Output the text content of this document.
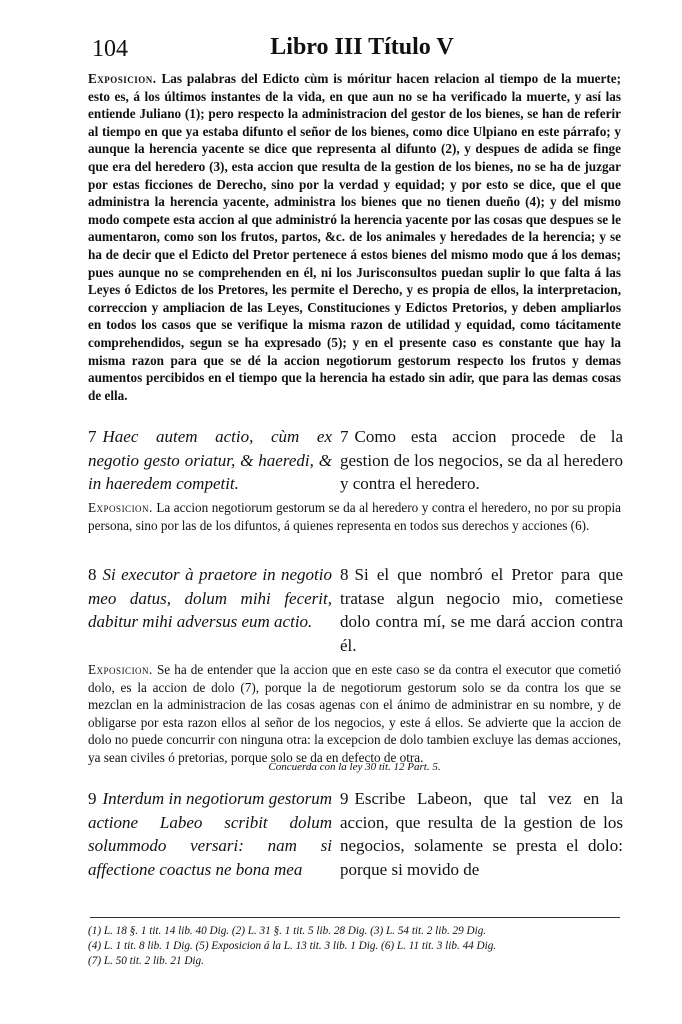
104	Libro III Título V

Exposicion. Las palabras del Edicto cùm is móritur hacen relacion al tiempo de la muerte; esto es, á los últimos instantes de la vida, en que aun no se ha verificado la muerte, y así las entiende Juliano (1); pero respecto la administracion del gestor de los bienes, se han de referir al tiempo en que ya estaba difunto el señor de los bienes, como dice Ulpiano en este párrafo; y aunque la herencia yacente se dice que representa al difunto (2), y despues de adida se finge que era del heredero (3), esta accion que resulta de la gestion de los bienes, no se ha de juzgar por estas ficciones de Derecho, sino por la verdad y equidad; y por esto se dice, que el que administra la herencia yacente, administra los bienes que no tienen dueño (4); y del mismo modo compete esta accion al que administró la herencia yacente por las cosas que despues se le aumentaron, como son los frutos, partos, &c. de los animales y heredades de la herencia; y se ha de decir que el Edicto del Pretor pertenece á estos bienes del mismo modo que á los demas; pues aunque no se comprehenden en él, ni los Jurisconsultos puedan suplir lo que falta á las Leyes ó Edictos de los Pretores, les permite el Derecho, y es propia de ellos, la interpretacion, correccion y ampliacion de las Leyes, Constituciones y Edictos Pretorios, y deben ampliarlos en todos los casos que se verifique la misma razon de utilidad y equidad, como tácitamente comprehendidos, segun se ha expresado (5); y en el presente caso es constante que hay la misma razon para que se dé la accion negotiorum gestorum respecto los frutos y demas aumentos percibidos en el tiempo que la herencia ha estado sin adir, que para las demas cosas de ella.

7 Haec autem actio, cùm ex negotio gesto oriatur, & haeredi, & in haeredem competit.
7 Como esta accion procede de la gestion de los negocios, se da al heredero y contra el heredero.

Exposicion. La accion negotiorum gestorum se da al heredero y contra el heredero, no por su propia persona, sino por las de los difuntos, á quienes representa en todos sus derechos y acciones (6).

8 Si executor à praetore in negotio meo datus, dolum mihi fecerit, dabitur mihi adversus eum actio.
8 Si el que nombró el Pretor para que tratase algun negocio mio, cometiese dolo contra mí, se me dará accion contra él.

Exposicion. Se ha de entender que la accion que en este caso se da contra el executor que cometió dolo, es la accion de dolo (7), porque la de negotiorum gestorum solo se da contra los que se mezclan en la administracion de las cosas agenas con el ánimo de administrar en su nombre, y de obligarse por esta razon ellos al señor de los negocios, y este á ellos. Se advierte que la accion de dolo no puede concurrir con ninguna otra: la excepcion de dolo tambien excluye las demas acciones, ya sean civiles ó pretorias, porque solo se da en defecto de otra.

Concuerda con la ley 30 tit. 12 Part. 5.
9 Interdum in negotiorum gestorum actione Labeo scribit dolum solummodo versari: nam si affectione coactus ne bona mea
9 Escribe Labeon, que tal vez en la accion, que resulta de la gestion de los negocios, solamente se presta el dolo: porque si movido de

(1) L. 18 §. 1 tit. 14 lib. 40 Dig. (2) L. 31 §. 1 tit. 5 lib. 28 Dig. (3) L. 54 tit. 2 lib. 29 Dig.

(4) L. 1 tit. 8 lib. 1 Dig. (5) Exposicion á la L. 13 tit. 3 lib. 1 Dig. (6) L. 11 tit. 3 lib. 44 Dig.

(7) L. 50 tit. 2 lib. 21 Dig.
